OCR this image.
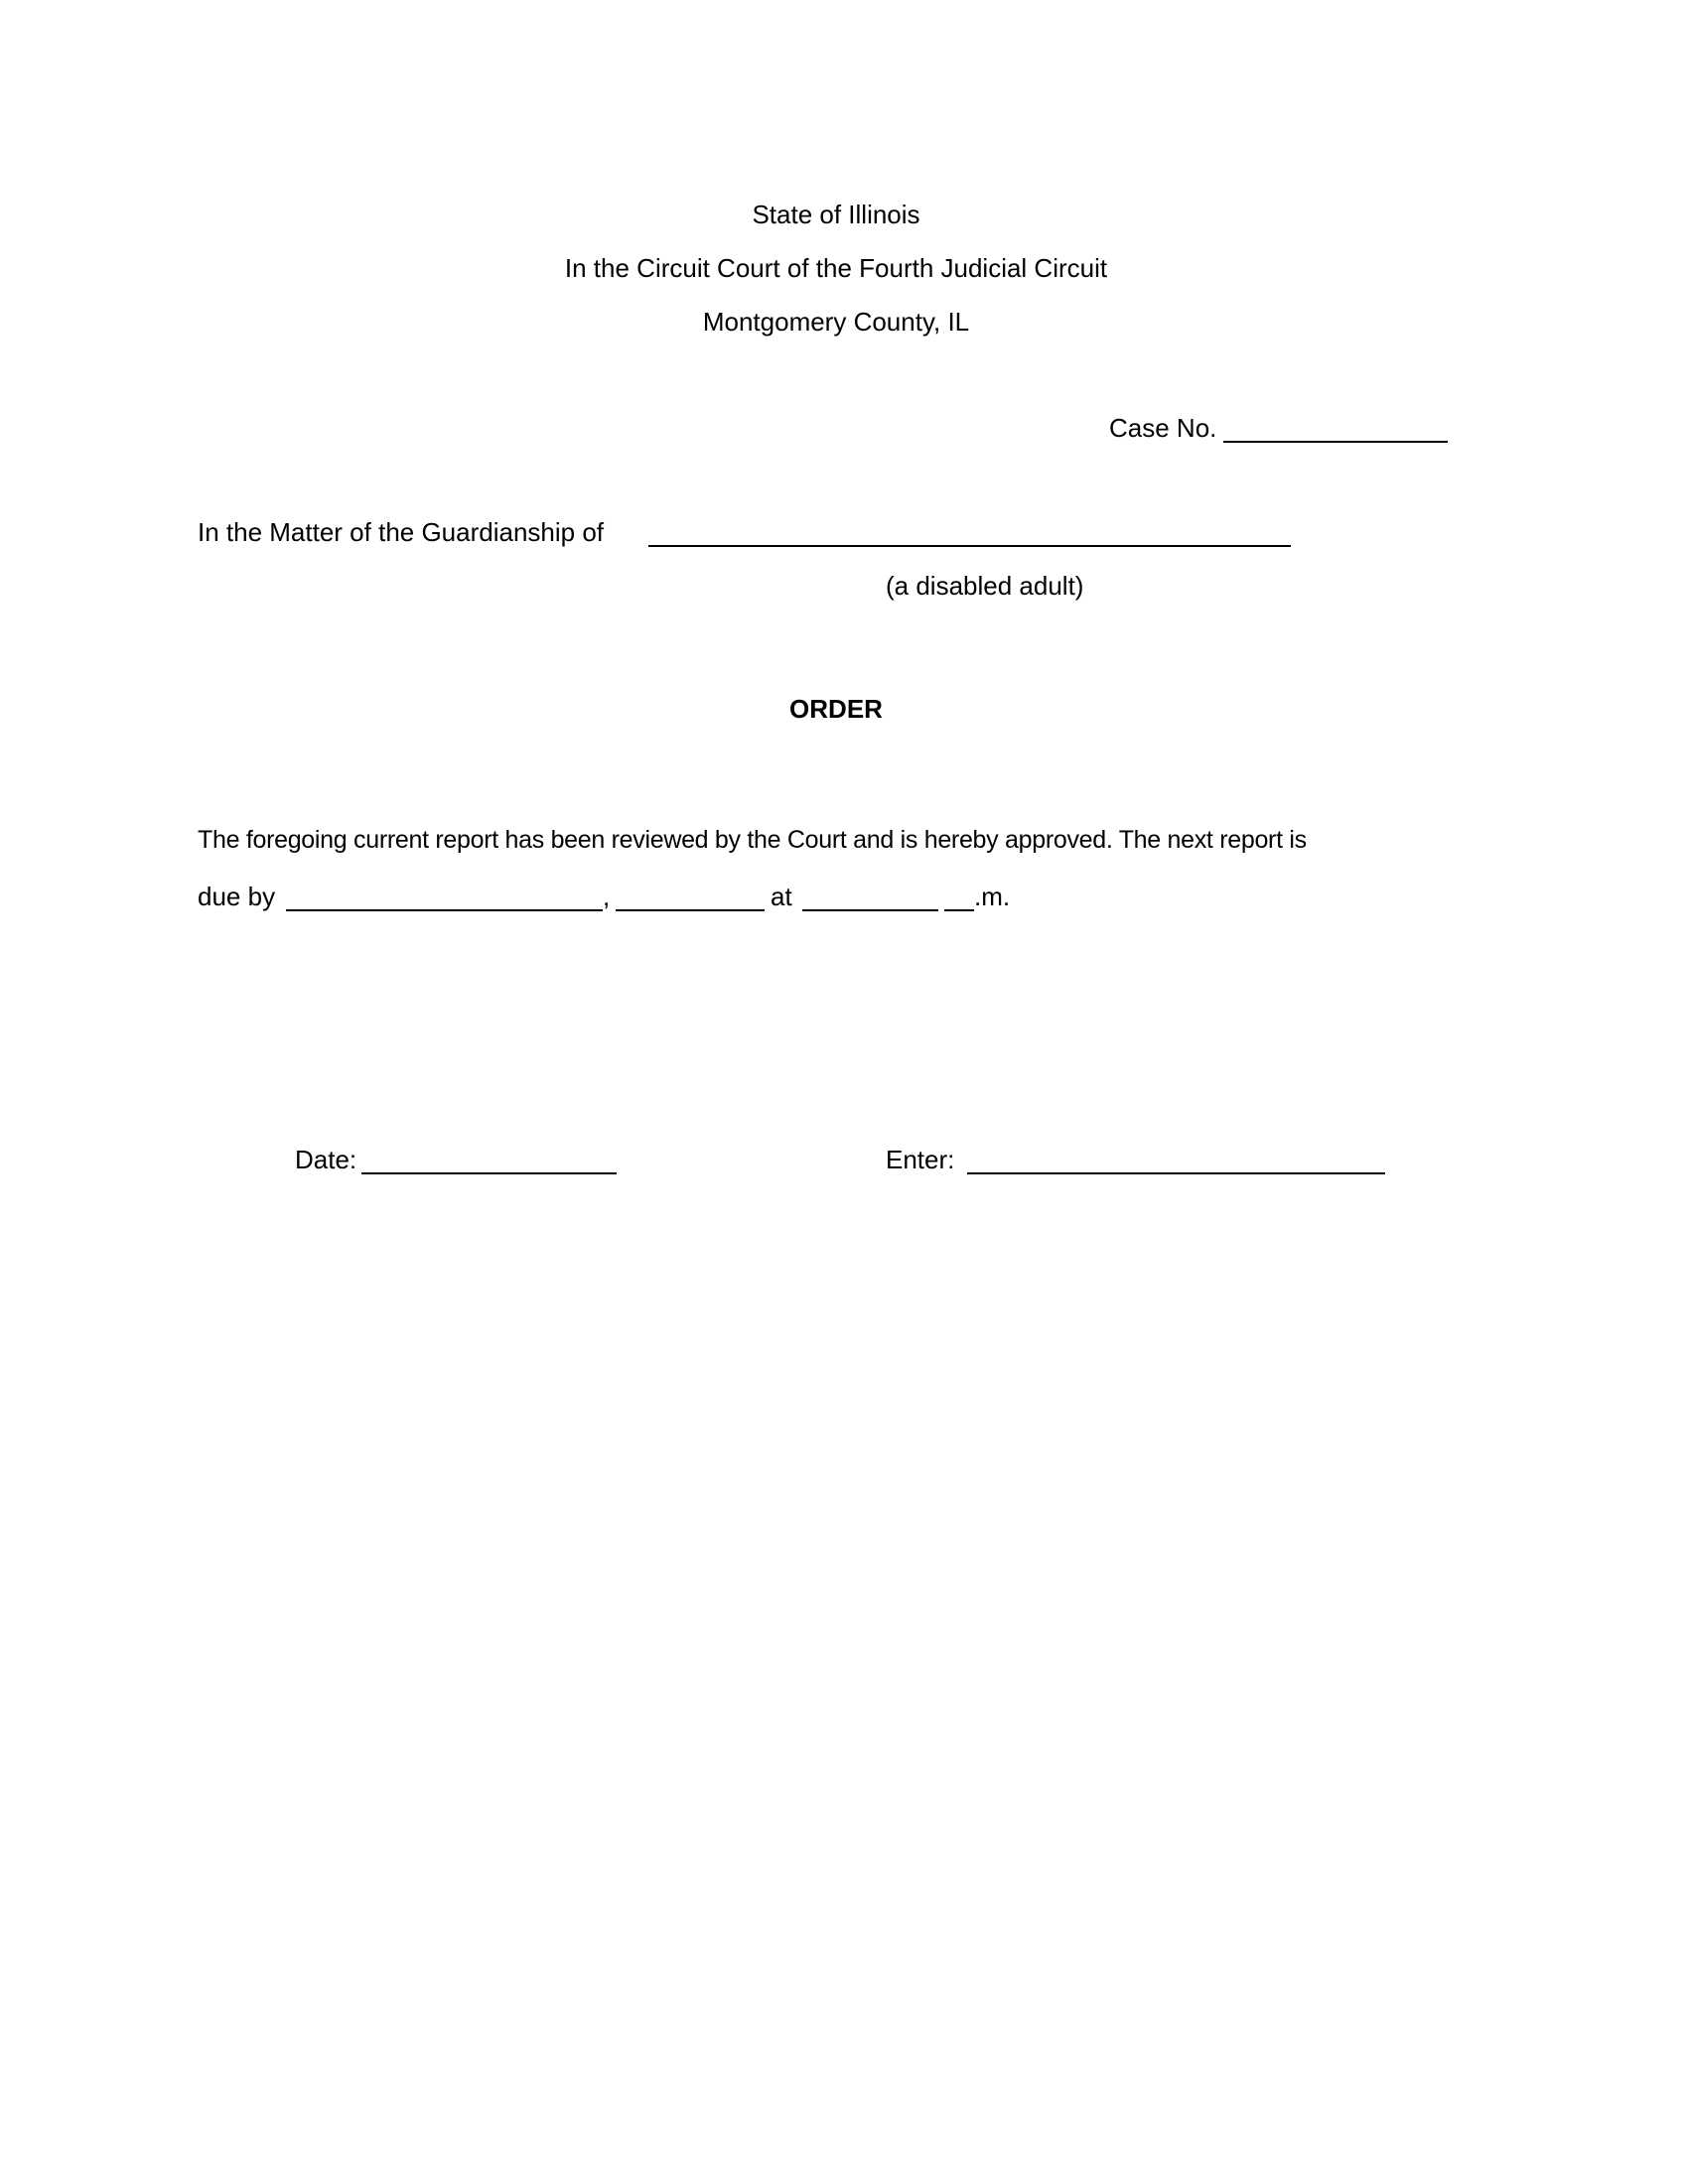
State of Illinois
In the Circuit Court of the Fourth Judicial Circuit
Montgomery County, IL
Case No.
In the Matter of the Guardianship of
(a disabled adult)
ORDER
The foregoing current report has been reviewed by the Court and is hereby approved. The next report is
due by	,	at	.m.
Date:	Enter:
